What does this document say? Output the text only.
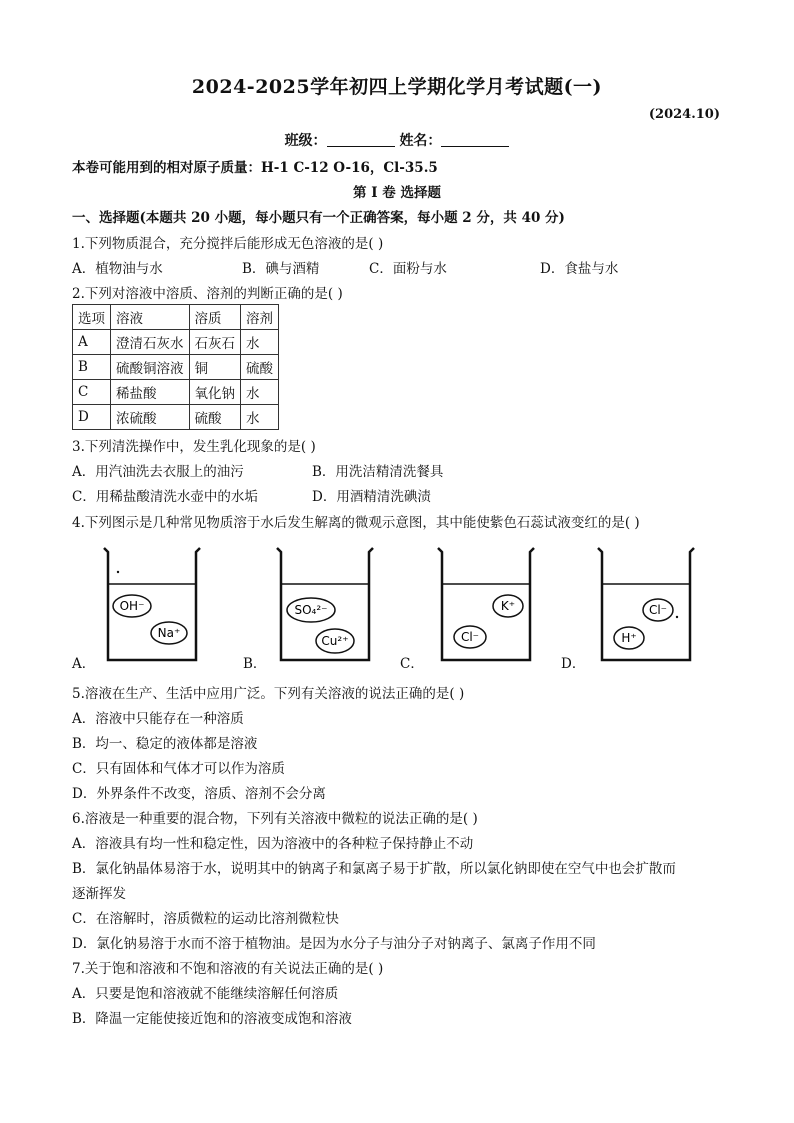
2024-2025学年初四上学期化学月考试题(一)
(2024.10)
班级：	姓名：
本卷可能用到的相对原子质量：H-1 C-12 O-16，Cl-35.5
第 I 卷 选择题
一、选择题(本题共 20 小题，每小题只有一个正确答案，每小题 2 分，共 40 分)
1.下列物质混合，充分搅拌后能形成无色溶液的是( )
A．植物油与水	B．碘与酒精	C．面粉与水	D．食盐与水
2.下列对溶液中溶质、溶剂的判断正确的是( )
选项	溶液	溶质	溶剂
A	澄清石灰水	石灰石	水
B	硫酸铜溶液	铜	硫酸
C	稀盐酸	氧化钠	水
D	浓硫酸	硫酸	水
3.下列清洗操作中，发生乳化现象的是( )
A．用汽油洗去衣服上的油污	B．用洗洁精清洗餐具
C．用稀盐酸清洗水壶中的水垢	D．用酒精清洗碘渍
4.下列图示是几种常见物质溶于水后发生解离的微观示意图，其中能使紫色石蕊试液变红的是( )
A．
OH⁻
Na⁺
B．
SO₄²⁻
Cu²⁺
C．
K⁺
Cl⁻
D．
Cl⁻
H⁺
5.溶液在生产、生活中应用广泛。下列有关溶液的说法正确的是( )
A．溶液中只能存在一种溶质
B．均一、稳定的液体都是溶液
C．只有固体和气体才可以作为溶质
D．外界条件不改变，溶质、溶剂不会分离
6.溶液是一种重要的混合物，下列有关溶液中微粒的说法正确的是( )
A．溶液具有均一性和稳定性，因为溶液中的各种粒子保持静止不动
B．氯化钠晶体易溶于水，说明其中的钠离子和氯离子易于扩散，所以氯化钠即使在空气中也会扩散而
逐渐挥发
C．在溶解时，溶质微粒的运动比溶剂微粒快
D．氯化钠易溶于水而不溶于植物油。是因为水分子与油分子对钠离子、氯离子作用不同
7.关于饱和溶液和不饱和溶液的有关说法正确的是( )
A．只要是饱和溶液就不能继续溶解任何溶质
B．降温一定能使接近饱和的溶液变成饱和溶液
